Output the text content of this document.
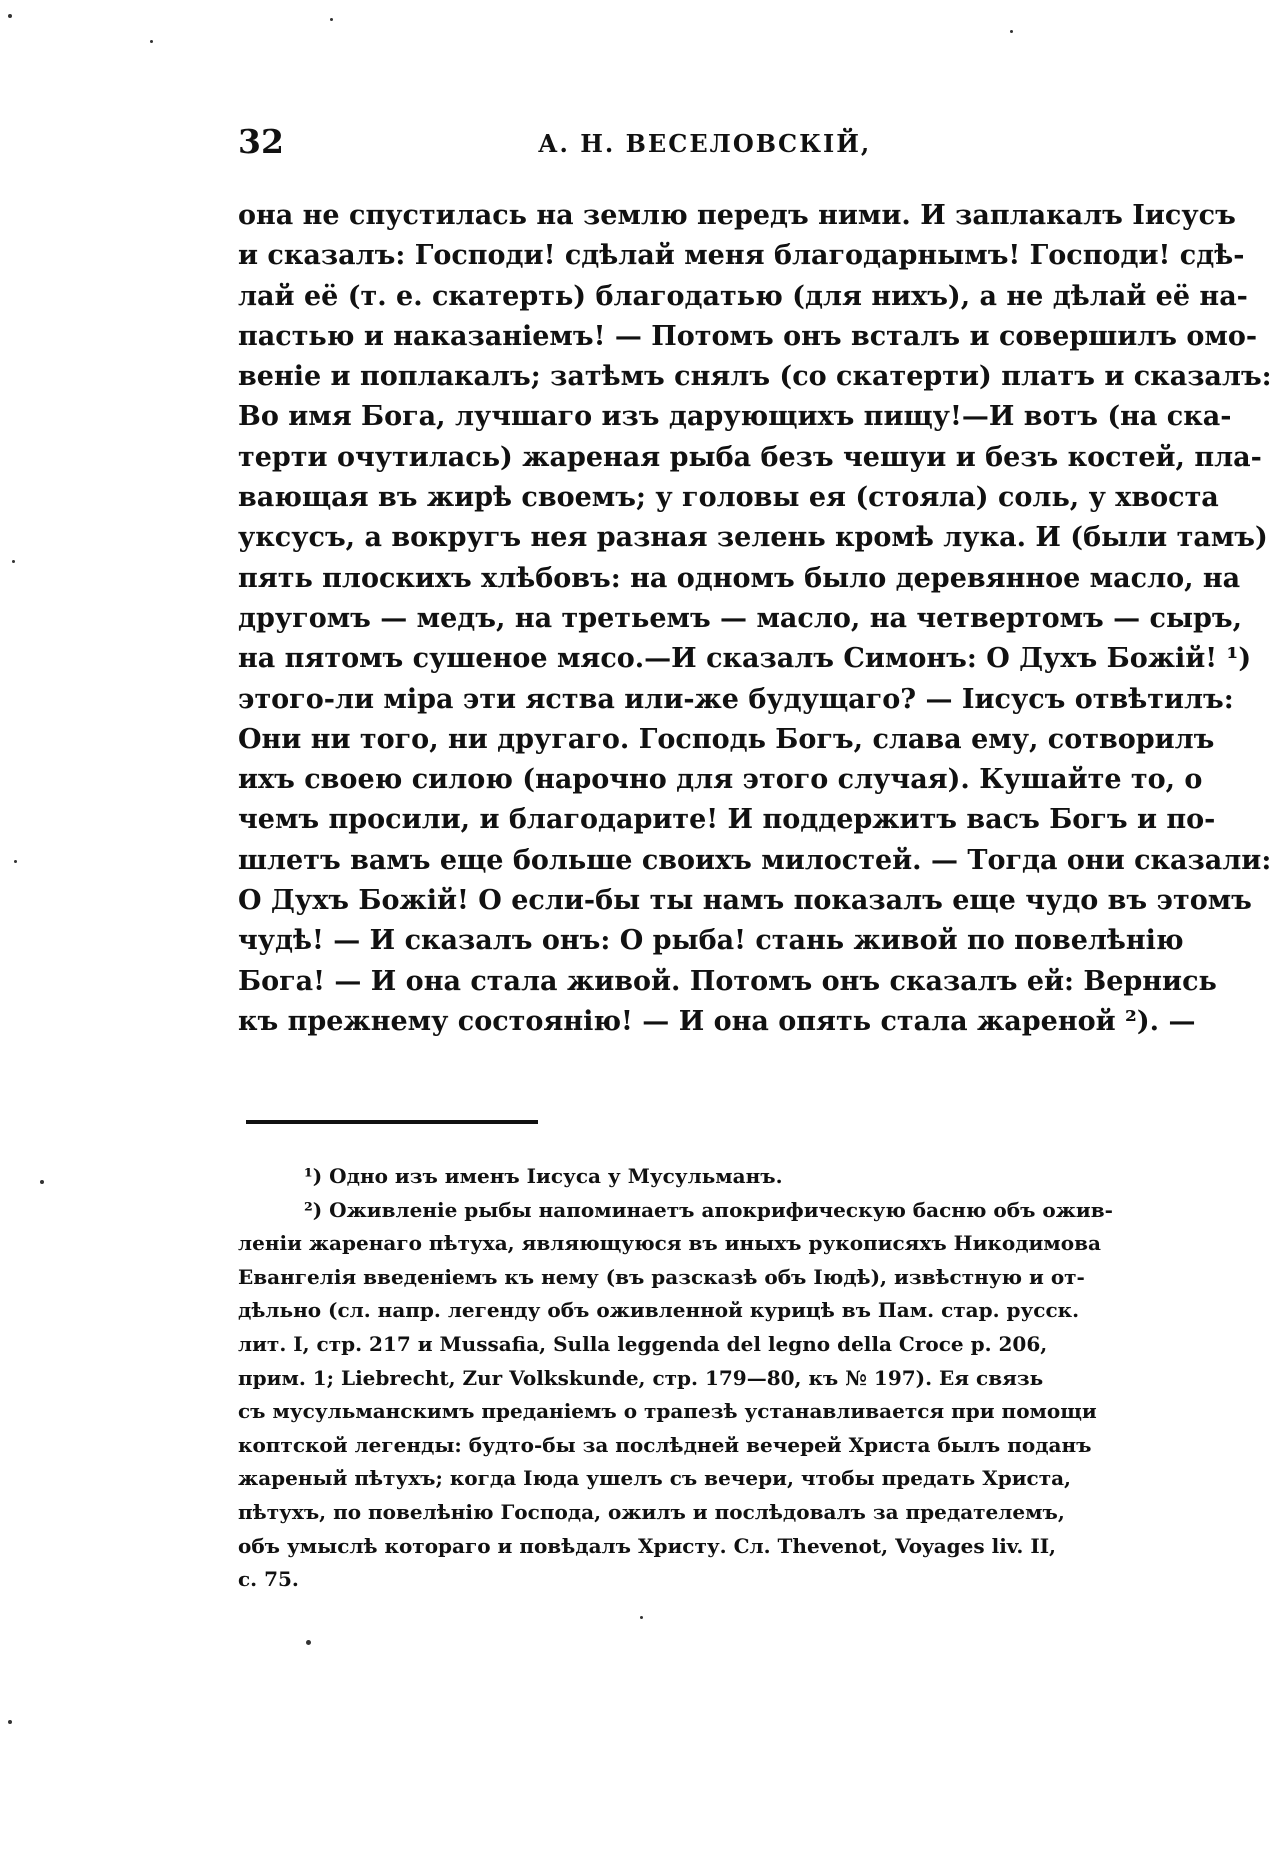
32	А. Н. ВЕСЕЛОВСКІЙ,
она не спустилась на землю передъ ними. И заплакалъ Іисусъ
и сказалъ: Господи! сдѣлай меня благодарнымъ! Господи! сдѣ-
лай её (т. е. скатерть) благодатью (для нихъ), а не дѣлай её на-
пастью и наказаніемъ! — Потомъ онъ всталъ и совершилъ омо-
веніе и поплакалъ; затѣмъ снялъ (со скатерти) платъ и сказалъ:
Во имя Бога, лучшаго изъ дарующихъ пищу!—И вотъ (на ска-
терти очутилась) жареная рыба безъ чешуи и безъ костей, пла-
вающая въ жирѣ своемъ; у головы ея (стояла) соль, у хвоста
уксусъ, а вокругъ нея разная зелень кромѣ лука. И (были тамъ)
пять плоскихъ хлѣбовъ: на одномъ было деревянное масло, на
другомъ — медъ, на третьемъ — масло, на четвертомъ — сыръ,
на пятомъ сушеное мясо.—И сказалъ Симонъ: О Духъ Божій! ¹)
этого-ли міра эти яства или-же будущаго? — Іисусъ отвѣтилъ:
Они ни того, ни другаго. Господь Богъ, слава ему, сотворилъ
ихъ своею силою (нарочно для этого случая). Кушайте то, о
чемъ просили, и благодарите! И поддержитъ васъ Богъ и по-
шлетъ вамъ еще больше своихъ милостей. — Тогда они сказали:
О Духъ Божій! О если-бы ты намъ показалъ еще чудо въ этомъ
чудѣ! — И сказалъ онъ: О рыба! стань живой по повелѣнію
Бога! — И она стала живой. Потомъ онъ сказалъ ей: Вернись
къ прежнему состоянію! — И она опять стала жареной ²). —
¹) Одно изъ именъ Іисуса у Мусульманъ.
²) Оживленіе рыбы напоминаетъ апокрифическую басню объ ожив-
леніи жаренаго пѣтуха, являющуюся въ иныхъ рукописяхъ Никодимова
Евангелія введеніемъ къ нему (въ разсказѣ объ Іюдѣ), извѣстную и от-
дѣльно (сл. напр. легенду объ оживленной курицѣ въ Пам. стар. русск.
лит. I, стр. 217 и Mussafia, Sulla leggenda del legno della Croce p. 206,
прим. 1; Liebrecht, Zur Volkskunde, стр. 179—80, къ № 197). Ея связь
съ мусульманскимъ преданіемъ о трапезѣ устанавливается при помощи
коптской легенды: будто-бы за послѣдней вечерей Христа былъ поданъ
жареный пѣтухъ; когда Іюда ушелъ съ вечери, чтобы предать Христа,
пѣтухъ, по повелѣнію Господа, ожилъ и послѣдовалъ за предателемъ,
объ умыслѣ котораго и повѣдалъ Христу. Сл. Thevenot, Voyages liv. II,
с. 75.
